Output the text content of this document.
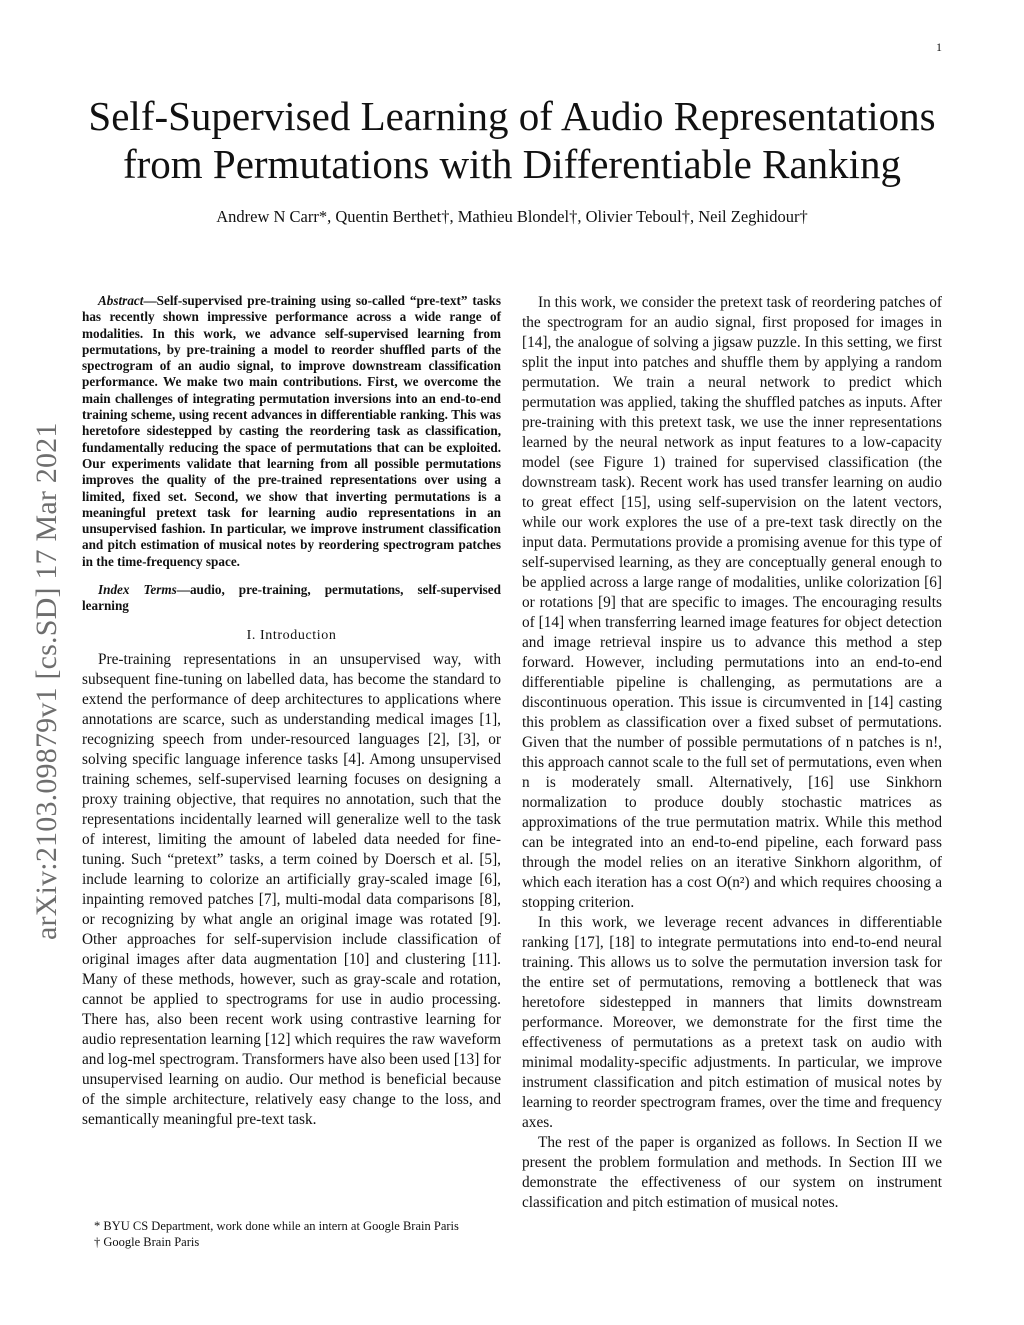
1
arXiv:2103.09879v1 [cs.SD] 17 Mar 2021
Self-Supervised Learning of Audio Representations
from Permutations with Differentiable Ranking
Andrew N Carr*, Quentin Berthet†, Mathieu Blondel†, Olivier Teboul†, Neil Zeghidour†

Abstract—Self-supervised pre-training using so-called “pre-text” tasks has recently shown impressive performance across a wide range of modalities. In this work, we advance self-supervised learning from permutations, by pre-training a model to reorder shuffled parts of the spectrogram of an audio signal, to improve downstream classification performance. We make two main contributions. First, we overcome the main challenges of integrating permutation inversions into an end-to-end training scheme, using recent advances in differentiable ranking. This was heretofore sidestepped by casting the reordering task as classification, fundamentally reducing the space of permutations that can be exploited. Our experiments validate that learning from all possible permutations improves the quality of the pre-trained representations over using a limited, fixed set. Second, we show that inverting permutations is a meaningful pretext task for learning audio representations in an unsupervised fashion. In particular, we improve instrument classification and pitch estimation of musical notes by reordering spectrogram patches in the time-frequency space.

Index Terms—audio, pre-training, permutations, self-supervised learning

I. Introduction

Pre-training representations in an unsupervised way, with subsequent fine-tuning on labelled data, has become the standard to extend the performance of deep architectures to applications where annotations are scarce, such as understanding medical images [1], recognizing speech from under-resourced languages [2], [3], or solving specific language inference tasks [4]. Among unsupervised training schemes, self-supervised learning focuses on designing a proxy training objective, that requires no annotation, such that the representations incidentally learned will generalize well to the task of interest, limiting the amount of labeled data needed for fine-tuning. Such “pretext” tasks, a term coined by Doersch et al. [5], include learning to colorize an artificially gray-scaled image [6], inpainting removed patches [7], multi-modal data comparisons [8], or recognizing by what angle an original image was rotated [9]. Other approaches for self-supervision include classification of original images after data augmentation [10] and clustering [11]. Many of these methods, however, such as gray-scale and rotation, cannot be applied to spectrograms for use in audio processing. There has, also been recent work using contrastive learning for audio representation learning [12] which requires the raw waveform and log-mel spectrogram. Transformers have also been used [13] for unsupervised learning on audio. Our method is beneficial because of the simple architecture, relatively easy change to the loss, and semantically meaningful pre-text task.

* BYU CS Department, work done while an intern at Google Brain Paris

† Google Brain Paris

In this work, we consider the pretext task of reordering patches of the spectrogram for an audio signal, first proposed for images in [14], the analogue of solving a jigsaw puzzle. In this setting, we first split the input into patches and shuffle them by applying a random permutation. We train a neural network to predict which permutation was applied, taking the shuffled patches as inputs. After pre-training with this pretext task, we use the inner representations learned by the neural network as input features to a low-capacity model (see Figure 1) trained for supervised classification (the downstream task). Recent work has used transfer learning on audio to great effect [15], using self-supervision on the latent vectors, while our work explores the use of a pre-text task directly on the input data. Permutations provide a promising avenue for this type of self-supervised learning, as they are conceptually general enough to be applied across a large range of modalities, unlike colorization [6] or rotations [9] that are specific to images. The encouraging results of [14] when transferring learned image features for object detection and image retrieval inspire us to advance this method a step forward. However, including permutations into an end-to-end differentiable pipeline is challenging, as permutations are a discontinuous operation. This issue is circumvented in [14] casting this problem as classification over a fixed subset of permutations. Given that the number of possible permutations of n patches is n!, this approach cannot scale to the full set of permutations, even when n is moderately small. Alternatively, [16] use Sinkhorn normalization to produce doubly stochastic matrices as approximations of the true permutation matrix. While this method can be integrated into an end-to-end pipeline, each forward pass through the model relies on an iterative Sinkhorn algorithm, of which each iteration has a cost O(n²) and which requires choosing a stopping criterion.

In this work, we leverage recent advances in differentiable ranking [17], [18] to integrate permutations into end-to-end neural training. This allows us to solve the permutation inversion task for the entire set of permutations, removing a bottleneck that was heretofore sidestepped in manners that limits downstream performance. Moreover, we demonstrate for the first time the effectiveness of permutations as a pretext task on audio with minimal modality-specific adjustments. In particular, we improve instrument classification and pitch estimation of musical notes by learning to reorder spectrogram frames, over the time and frequency axes.

The rest of the paper is organized as follows. In Section II we present the problem formulation and methods. In Section III we demonstrate the effectiveness of our system on instrument classification and pitch estimation of musical notes.
